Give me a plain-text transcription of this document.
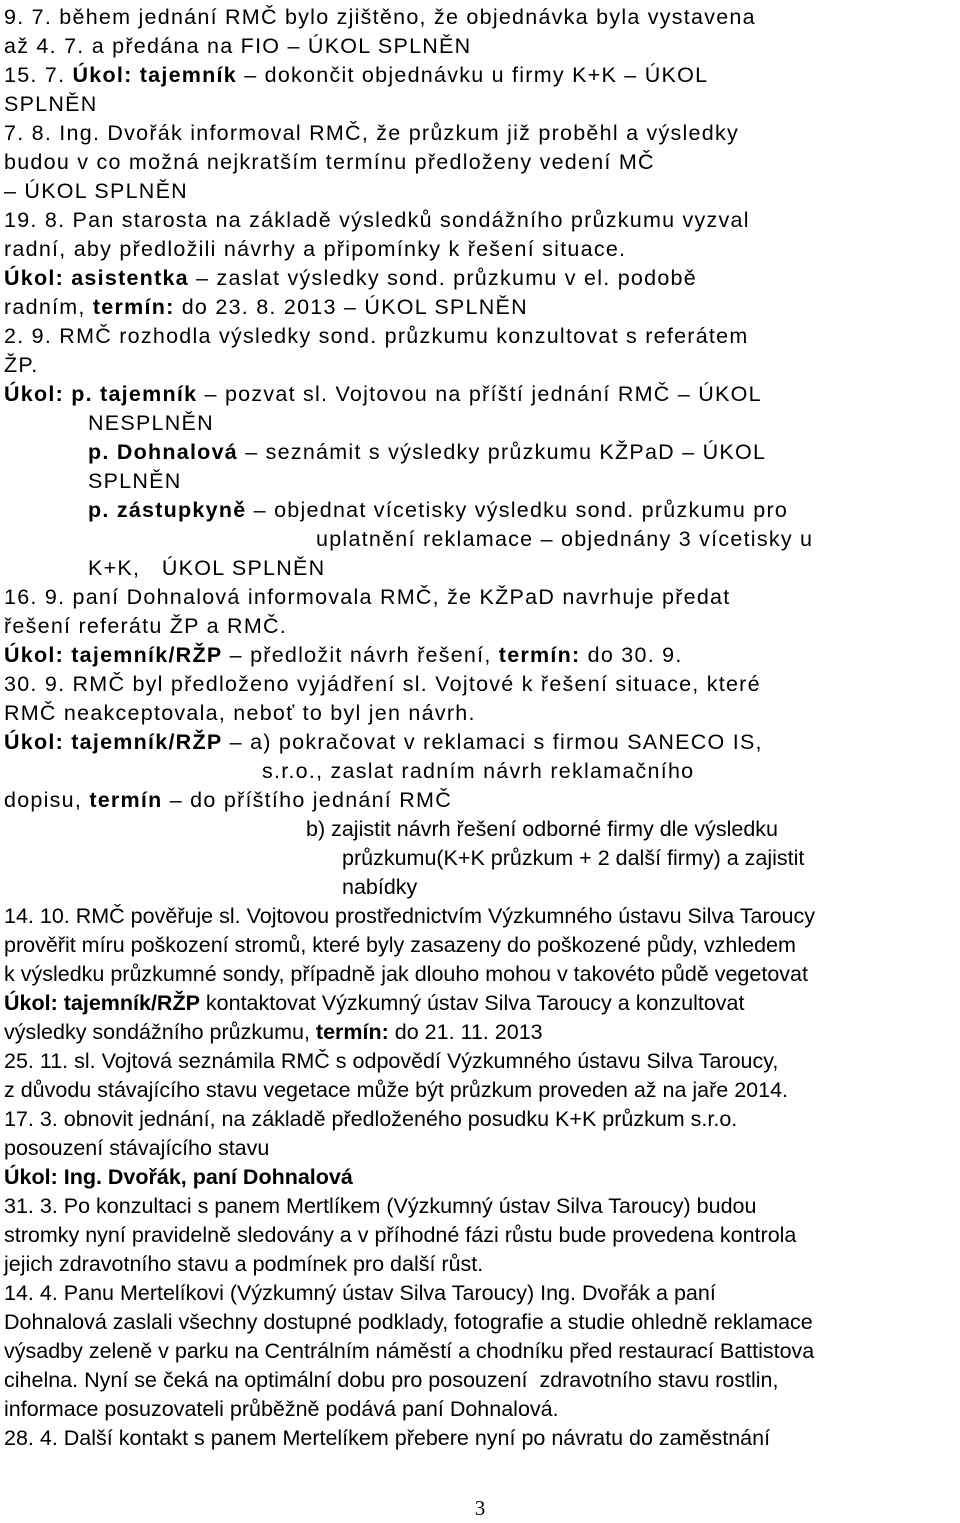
9. 7. během jednání RMČ bylo zjištěno, že objednávka byla vystavena
až 4. 7. a předána na FIO – ÚKOL SPLNĚN
15. 7. Úkol: tajemník – dokončit objednávku u firmy K+K – ÚKOL
SPLNĚN
7. 8. Ing. Dvořák informoval RMČ, že průzkum již proběhl a výsledky
budou v co možná nejkratším termínu předloženy vedení MČ
– ÚKOL SPLNĚN
19. 8. Pan starosta na základě výsledků sondážního průzkumu vyzval
radní, aby předložili návrhy a připomínky k řešení situace.
Úkol: asistentka – zaslat výsledky sond. průzkumu v el. podobě
radním, termín: do 23. 8. 2013 – ÚKOL SPLNĚN
2. 9. RMČ rozhodla výsledky sond. průzkumu konzultovat s referátem
ŽP.
Úkol: p. tajemník – pozvat sl. Vojtovou na příští jednání RMČ – ÚKOL
NESPLNĚN
p. Dohnalová – seznámit s výsledky průzkumu KŽPaD – ÚKOL
SPLNĚN
p. zástupkyně – objednat vícetisky výsledku sond. průzkumu pro
uplatnění reklamace – objednány 3 vícetisky u
K+K,   ÚKOL SPLNĚN
16. 9. paní Dohnalová informovala RMČ, že KŽPaD navrhuje předat
řešení referátu ŽP a RMČ.
Úkol: tajemník/RŽP – předložit návrh řešení, termín: do 30. 9.
30. 9. RMČ byl předloženo vyjádření sl. Vojtové k řešení situace, které
RMČ neakceptovala, neboť to byl jen návrh.
Úkol: tajemník/RŽP – a) pokračovat v reklamaci s firmou SANECO IS,
s.r.o., zaslat radním návrh reklamačního
dopisu, termín – do příštího jednání RMČ
b) zajistit návrh řešení odborné firmy dle výsledku
průzkumu(K+K průzkum + 2 další firmy) a zajistit
nabídky
14. 10. RMČ pověřuje sl. Vojtovou prostřednictvím Výzkumného ústavu Silva Taroucy
prověřit míru poškození stromů, které byly zasazeny do poškozené půdy, vzhledem
k výsledku průzkumné sondy, případně jak dlouho mohou v takovéto půdě vegetovat
Úkol: tajemník/RŽP kontaktovat Výzkumný ústav Silva Taroucy a konzultovat
výsledky sondážního průzkumu, termín: do 21. 11. 2013
25. 11. sl. Vojtová seznámila RMČ s odpovědí Výzkumného ústavu Silva Taroucy,
z důvodu stávajícího stavu vegetace může být průzkum proveden až na jaře 2014.
17. 3. obnovit jednání, na základě předloženého posudku K+K průzkum s.r.o.
posouzení stávajícího stavu
Úkol: Ing. Dvořák, paní Dohnalová
31. 3. Po konzultaci s panem Mertlíkem (Výzkumný ústav Silva Taroucy) budou
stromky nyní pravidelně sledovány a v příhodné fázi růstu bude provedena kontrola
jejich zdravotního stavu a podmínek pro další růst.
14. 4. Panu Mertelíkovi (Výzkumný ústav Silva Taroucy) Ing. Dvořák a paní
Dohnalová zaslali všechny dostupné podklady, fotografie a studie ohledně reklamace
výsadby zeleně v parku na Centrálním náměstí a chodníku před restaurací Battistova
cihelna. Nyní se čeká na optimální dobu pro posouzení  zdravotního stavu rostlin,
informace posuzovateli průběžně podává paní Dohnalová.
28. 4. Další kontakt s panem Mertelíkem přebere nyní po návratu do zaměstnání
3
